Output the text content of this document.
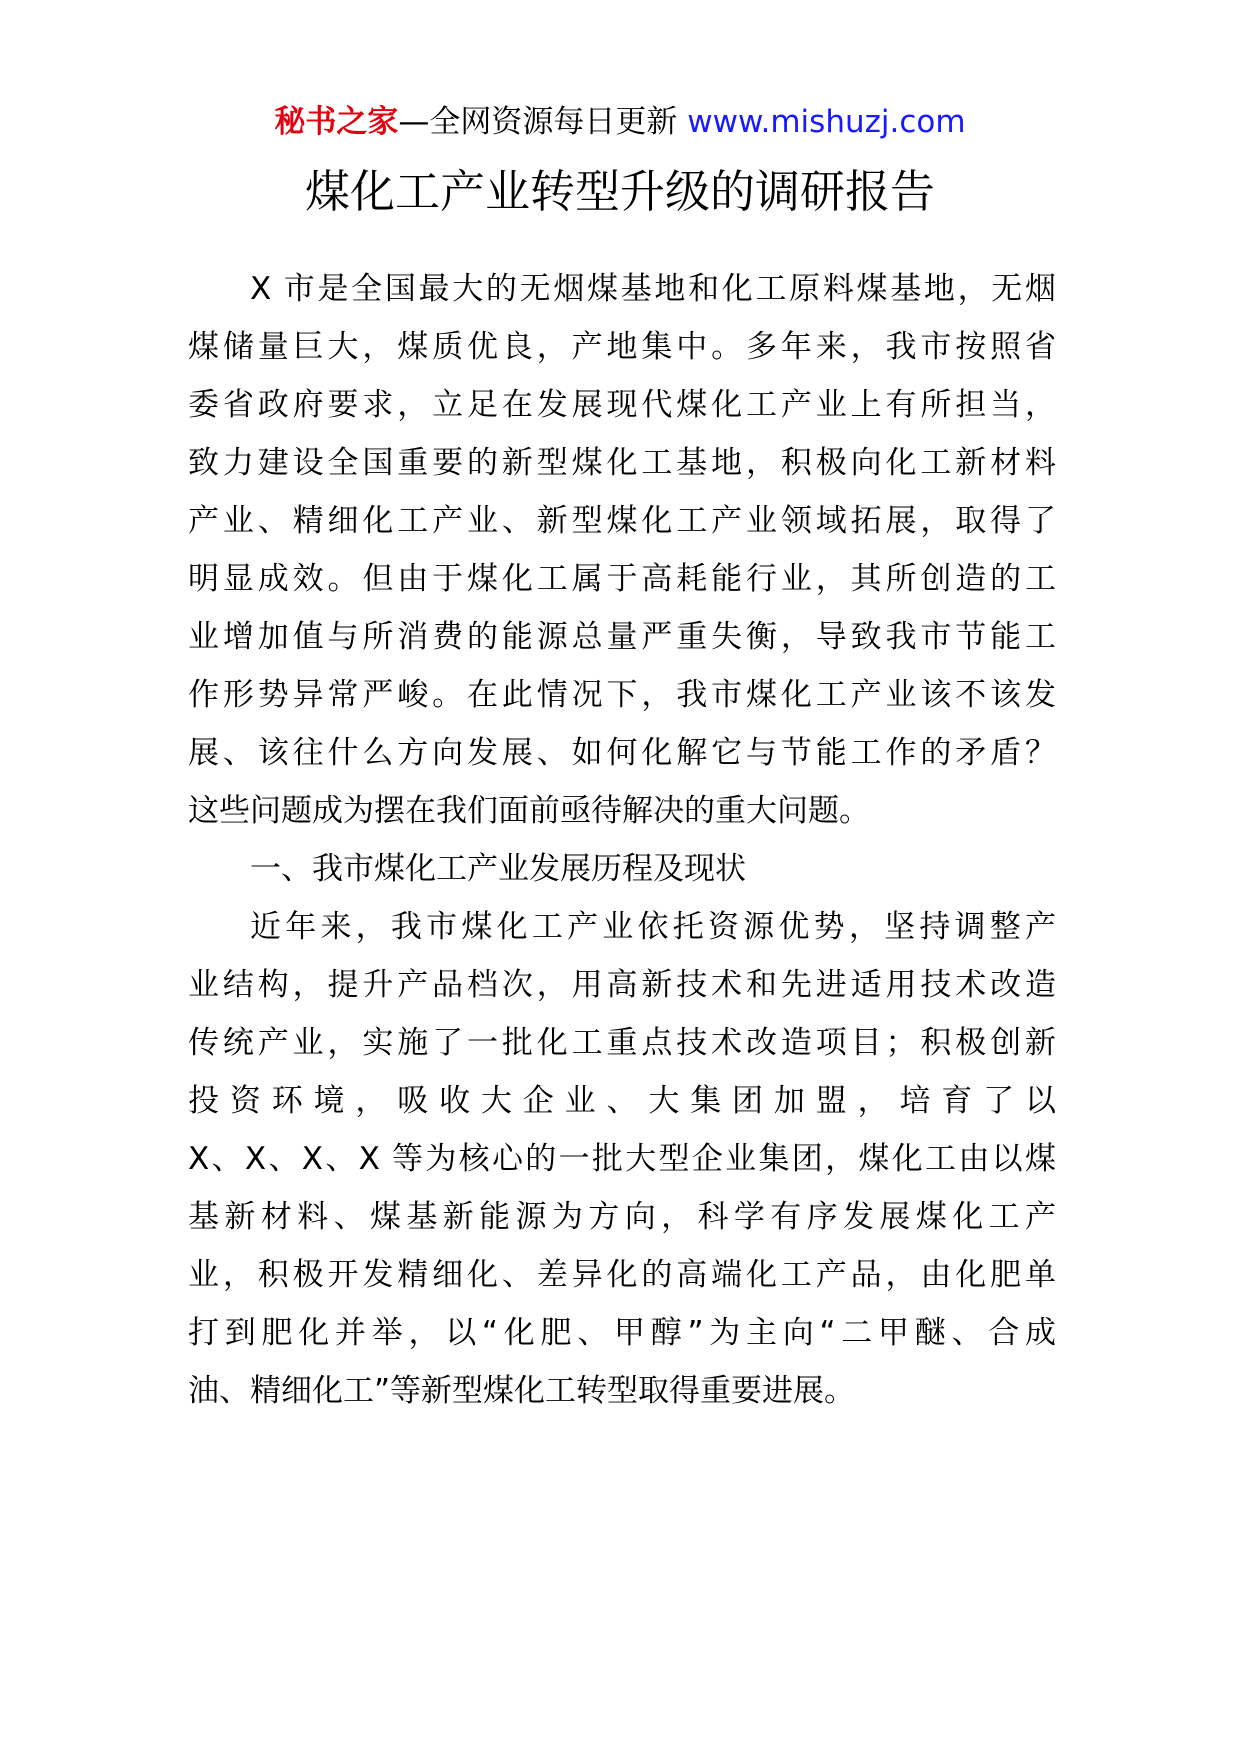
秘书之家—全网资源每日更新 www.mishuzj.com
煤化工产业转型升级的调研报告
X 市是全国最大的无烟煤基地和化工原料煤基地，无烟
煤储量巨大，煤质优良，产地集中。多年来，我市按照省
委省政府要求，立足在发展现代煤化工产业上有所担当，
致力建设全国重要的新型煤化工基地，积极向化工新材料
产业、精细化工产业、新型煤化工产业领域拓展，取得了
明显成效。但由于煤化工属于高耗能行业，其所创造的工
业增加值与所消费的能源总量严重失衡，导致我市节能工
作形势异常严峻。在此情况下，我市煤化工产业该不该发
展、该往什么方向发展、如何化解它与节能工作的矛盾？
这些问题成为摆在我们面前亟待解决的重大问题。
一、我市煤化工产业发展历程及现状
近年来，我市煤化工产业依托资源优势，坚持调整产
业结构，提升产品档次，用高新技术和先进适用技术改造
传统产业，实施了一批化工重点技术改造项目；积极创新
投资环境，吸收大企业、大集团加盟，培育了以
X、X、X、X 等为核心的一批大型企业集团，煤化工由以煤
基新材料、煤基新能源为方向，科学有序发展煤化工产
业，积极开发精细化、差异化的高端化工产品，由化肥单
打到肥化并举，以“化肥、甲醇”为主向“二甲醚、合成
油、精细化工”等新型煤化工转型取得重要进展。
